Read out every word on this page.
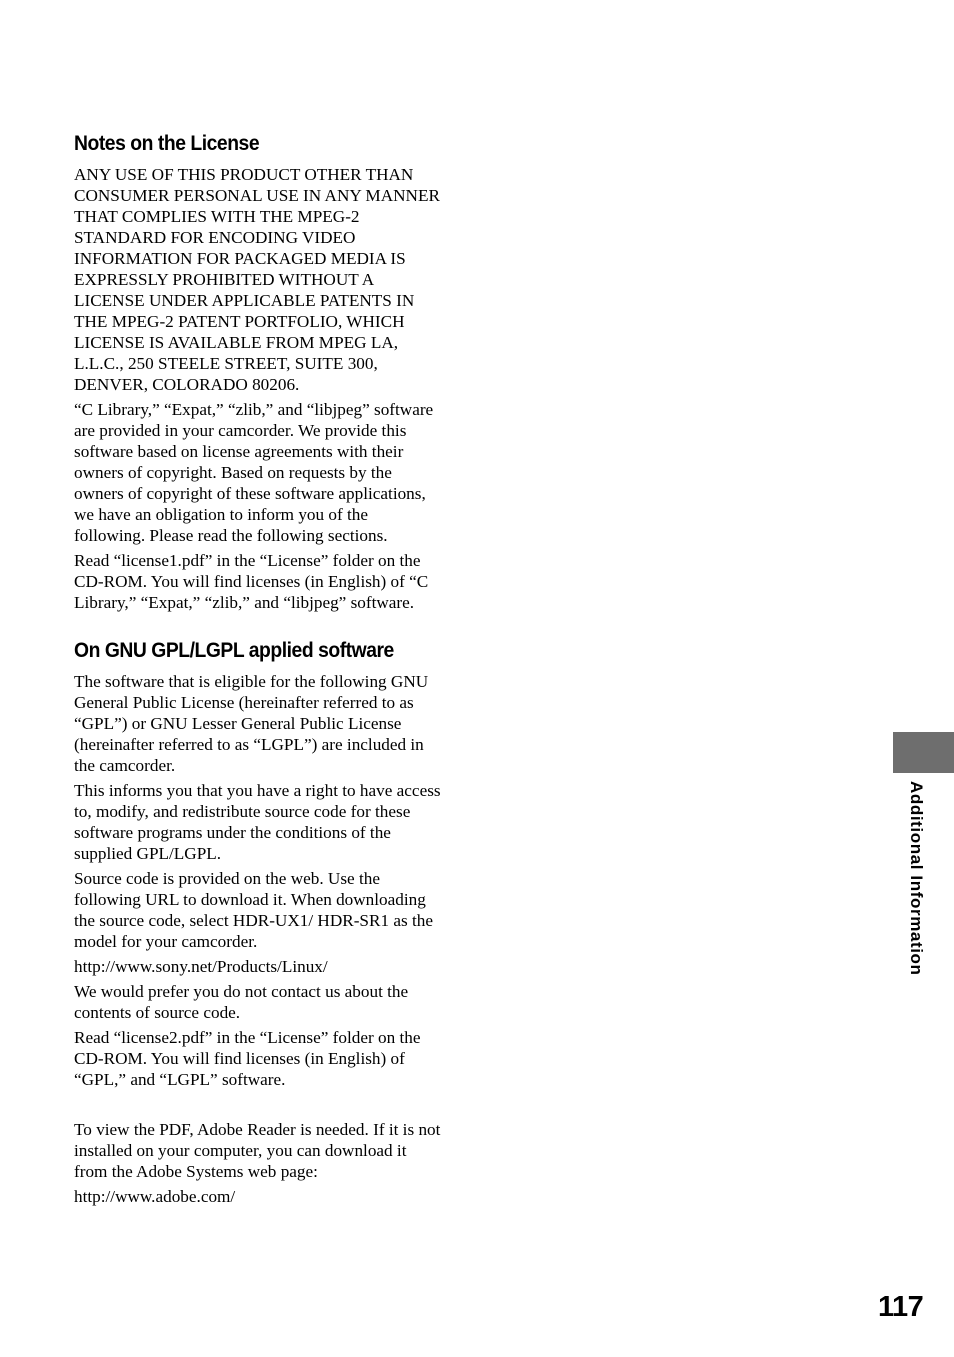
Notes on the License

ANY USE OF THIS PRODUCT OTHER THAN CONSUMER PERSONAL USE IN ANY MANNER THAT COMPLIES WITH THE MPEG-2 STANDARD FOR ENCODING VIDEO INFORMATION FOR PACKAGED MEDIA IS EXPRESSLY PROHIBITED WITHOUT A LICENSE UNDER APPLICABLE PATENTS IN THE MPEG-2 PATENT PORTFOLIO, WHICH LICENSE IS AVAILABLE FROM MPEG LA, L.L.C., 250 STEELE STREET, SUITE 300, DENVER, COLORADO 80206.

“C Library,” “Expat,” “zlib,” and “libjpeg” software are provided in your camcorder. We provide this software based on license agreements with their owners of copyright. Based on requests by the owners of copyright of these software applications, we have an obligation to inform you of the following. Please read the following sections.

Read “license1.pdf” in the “License” folder on the CD-ROM. You will find licenses (in English) of “C Library,” “Expat,” “zlib,” and “libjpeg” software.

On GNU GPL/LGPL applied software

The software that is eligible for the following GNU General Public License (hereinafter referred to as “GPL”) or GNU Lesser General Public License (hereinafter referred to as “LGPL”) are included in the camcorder.

This informs you that you have a right to have access to, modify, and redistribute source code for these software programs under the conditions of the supplied GPL/LGPL.

Source code is provided on the web. Use the following URL to download it. When downloading the source code, select HDR-UX1/ HDR-SR1 as the model for your camcorder.

http://www.sony.net/Products/Linux/

We would prefer you do not contact us about the contents of source code.

Read “license2.pdf” in the “License” folder on the CD-ROM. You will find licenses (in English) of “GPL,” and “LGPL” software.

To view the PDF, Adobe Reader is needed. If it is not installed on your computer, you can download it from the Adobe Systems web page:

http://www.adobe.com/

Additional Information
117
